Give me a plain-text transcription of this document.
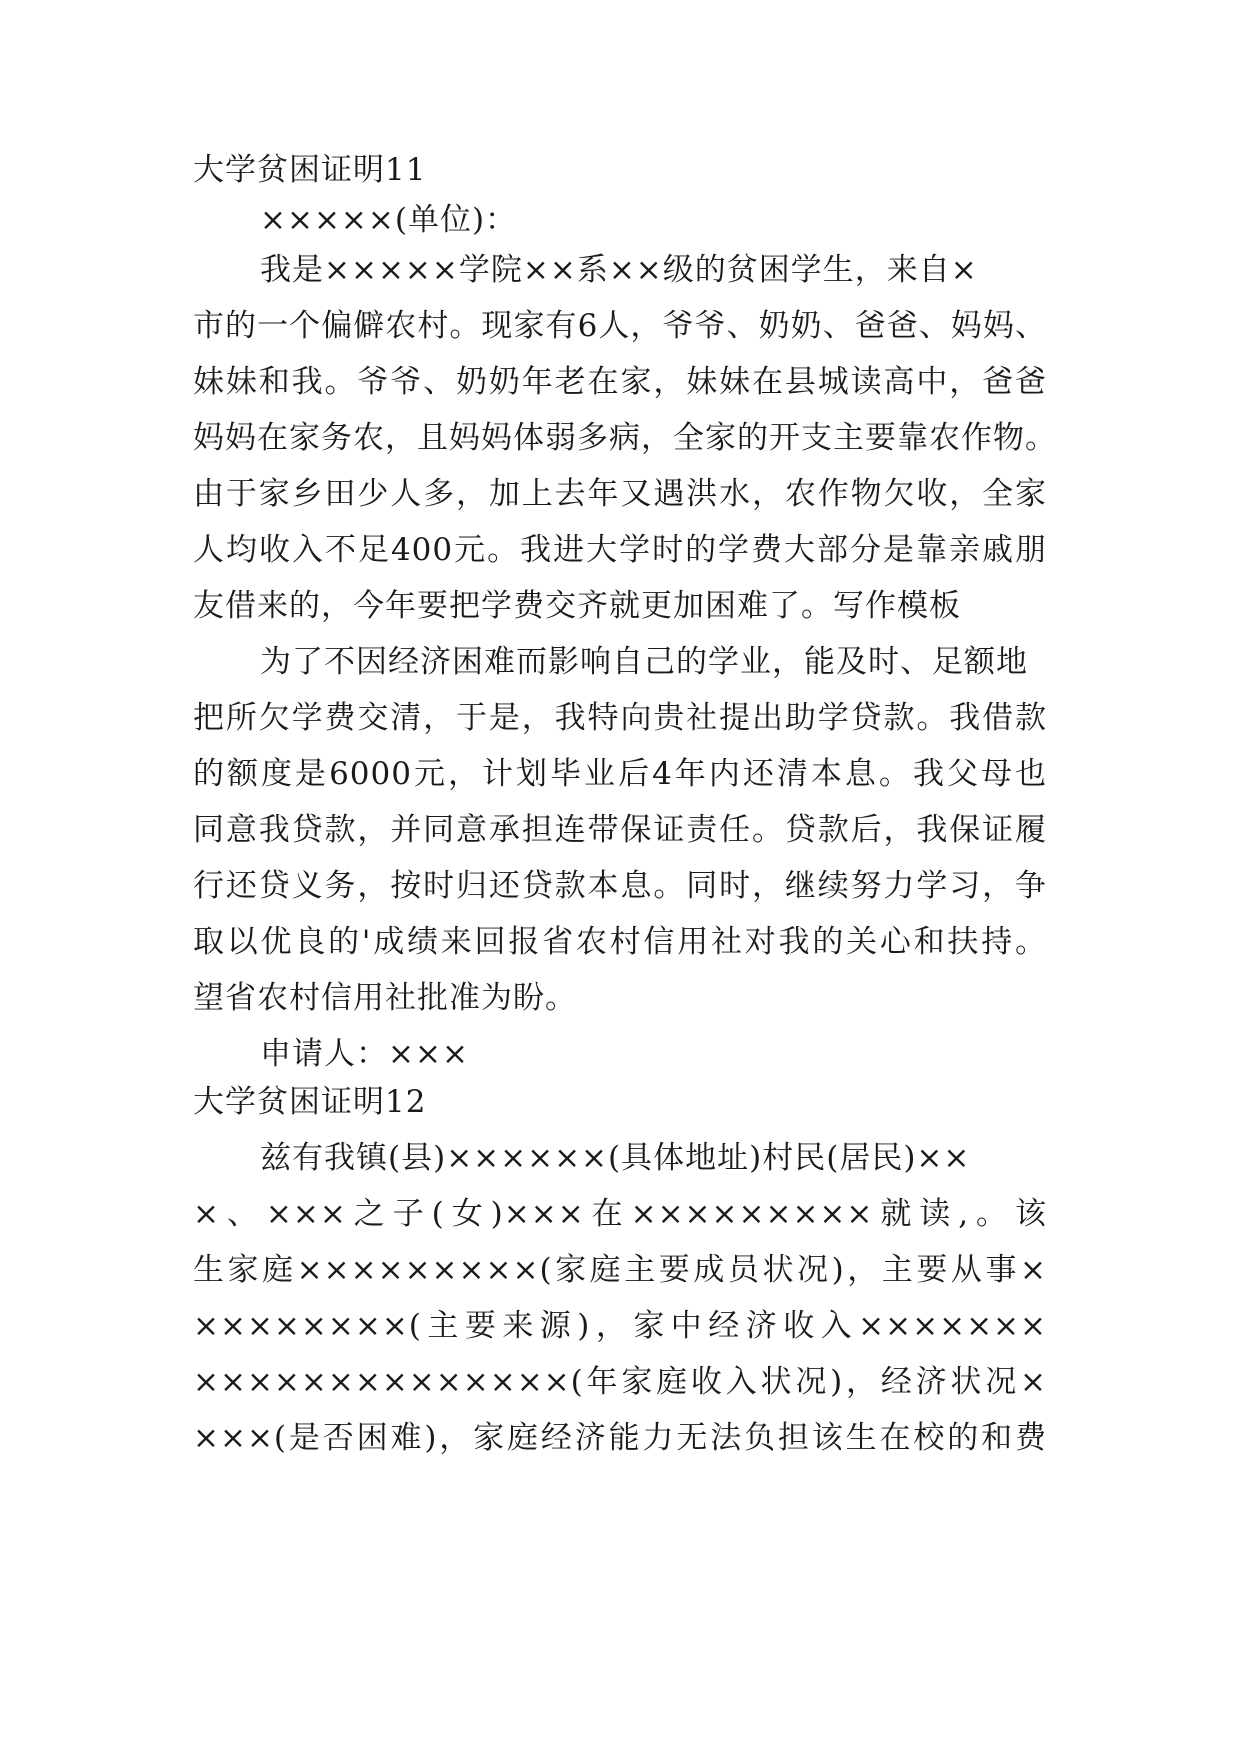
大学贫困证明11
×××××(单位)：
我是×××××学院××系××级的贫困学生，来自×
市的一个偏僻农村。现家有6人，爷爷、奶奶、爸爸、妈妈、
妹妹和我。爷爷、奶奶年老在家，妹妹在县城读高中，爸爸
妈妈在家务农，且妈妈体弱多病，全家的开支主要靠农作物。
由于家乡田少人多，加上去年又遇洪水，农作物欠收，全家
人均收入不足400元。我进大学时的学费大部分是靠亲戚朋
友借来的，今年要把学费交齐就更加困难了。写作模板
为了不因经济困难而影响自己的学业，能及时、足额地
把所欠学费交清，于是，我特向贵社提出助学贷款。我借款
的额度是6000元，计划毕业后4年内还清本息。我父母也
同意我贷款，并同意承担连带保证责任。贷款后，我保证履
行还贷义务，按时归还贷款本息。同时，继续努力学习，争
取以优良的'成绩来回报省农村信用社对我的关心和扶持。
望省农村信用社批准为盼。
申请人：×××
大学贫困证明12
兹有我镇(县)××××××(具体地址)村民(居民)××
×、×××之子(女)×××在×××××××××就读,。该
生家庭×××××××××(家庭主要成员状况)，主要从事×
××××××××(主要来源)，家中经济收入×××××××
××××××××××××××(年家庭收入状况)，经济状况×
×××(是否困难)，家庭经济能力无法负担该生在校的和费
